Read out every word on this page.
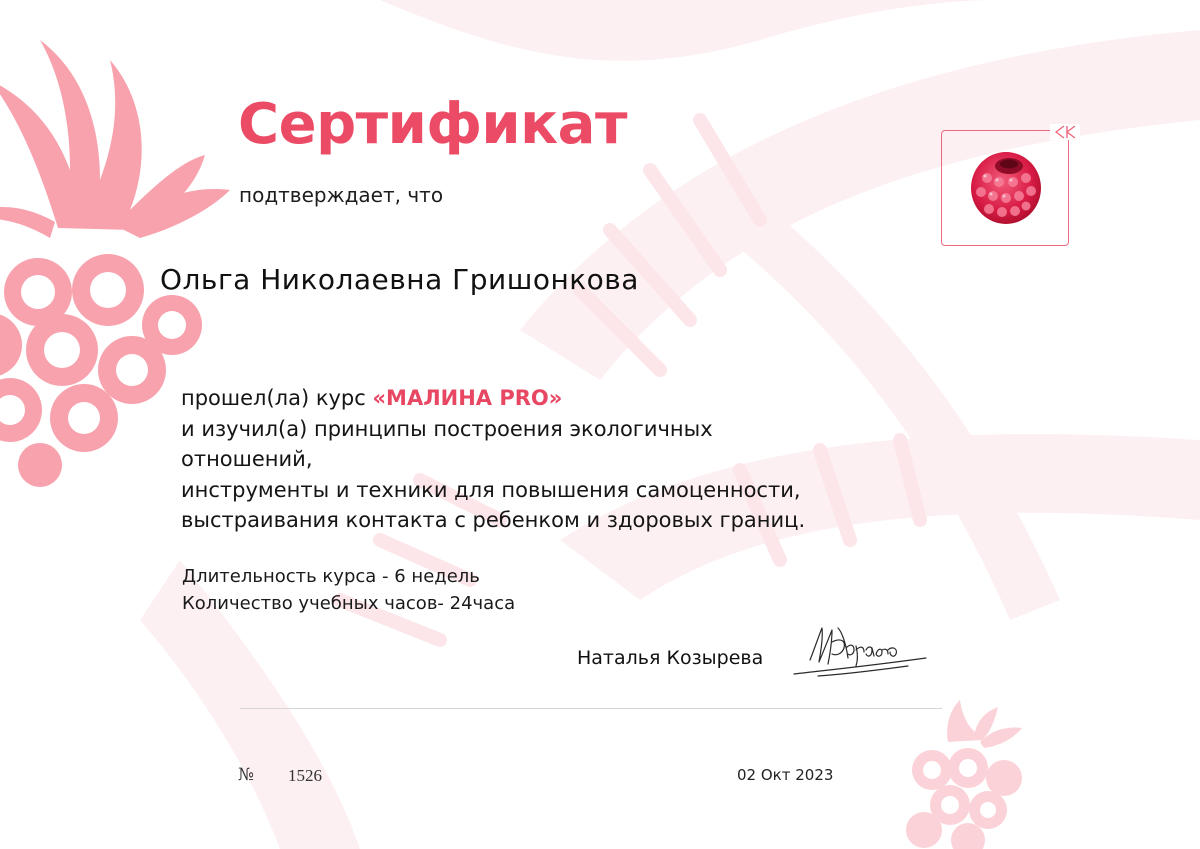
Сертификат
подтверждает, что
Ольга Николаевна Гришонкова
прошел(ла) курс «МАЛИНА PRO»
и изучил(а) принципы построения экологичных
отношений,
инструменты и техники для повышения самоценности,
выстраивания контакта с ребенком и здоровых границ.
Длительность курса - 6 недель
Количество учебных часов- 24часа
Наталья Козырева
№ 1526	02 Окт 2023
